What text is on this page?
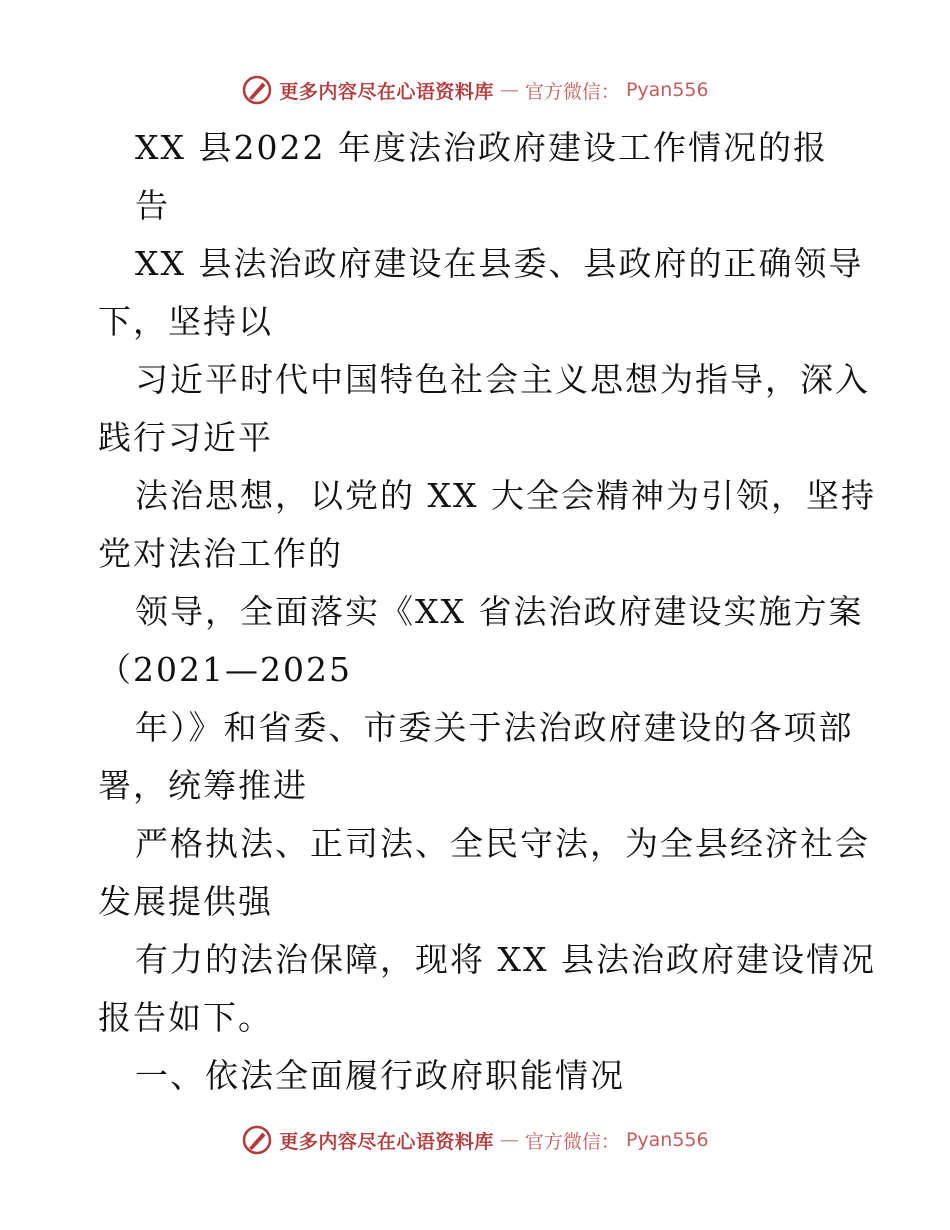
更多内容尽在心语资料库 — 官方微信： Pyan556
XX 县2022 年度法治政府建设工作情况的报
告
XX 县法治政府建设在县委、县政府的正确领导
下，坚持以
习近平时代中国特色社会主义思想为指导，深入
践行习近平
法治思想，以党的 XX 大全会精神为引领，坚持
党对法治工作的
领导，全面落实《XX 省法治政府建设实施方案
（2021—2025
年）》和省委、市委关于法治政府建设的各项部
署，统筹推进
严格执法、正司法、全民守法，为全县经济社会
发展提供强
有力的法治保障，现将 XX 县法治政府建设情况
报告如下。
一、依法全面履行政府职能情况
更多内容尽在心语资料库 — 官方微信： Pyan556
